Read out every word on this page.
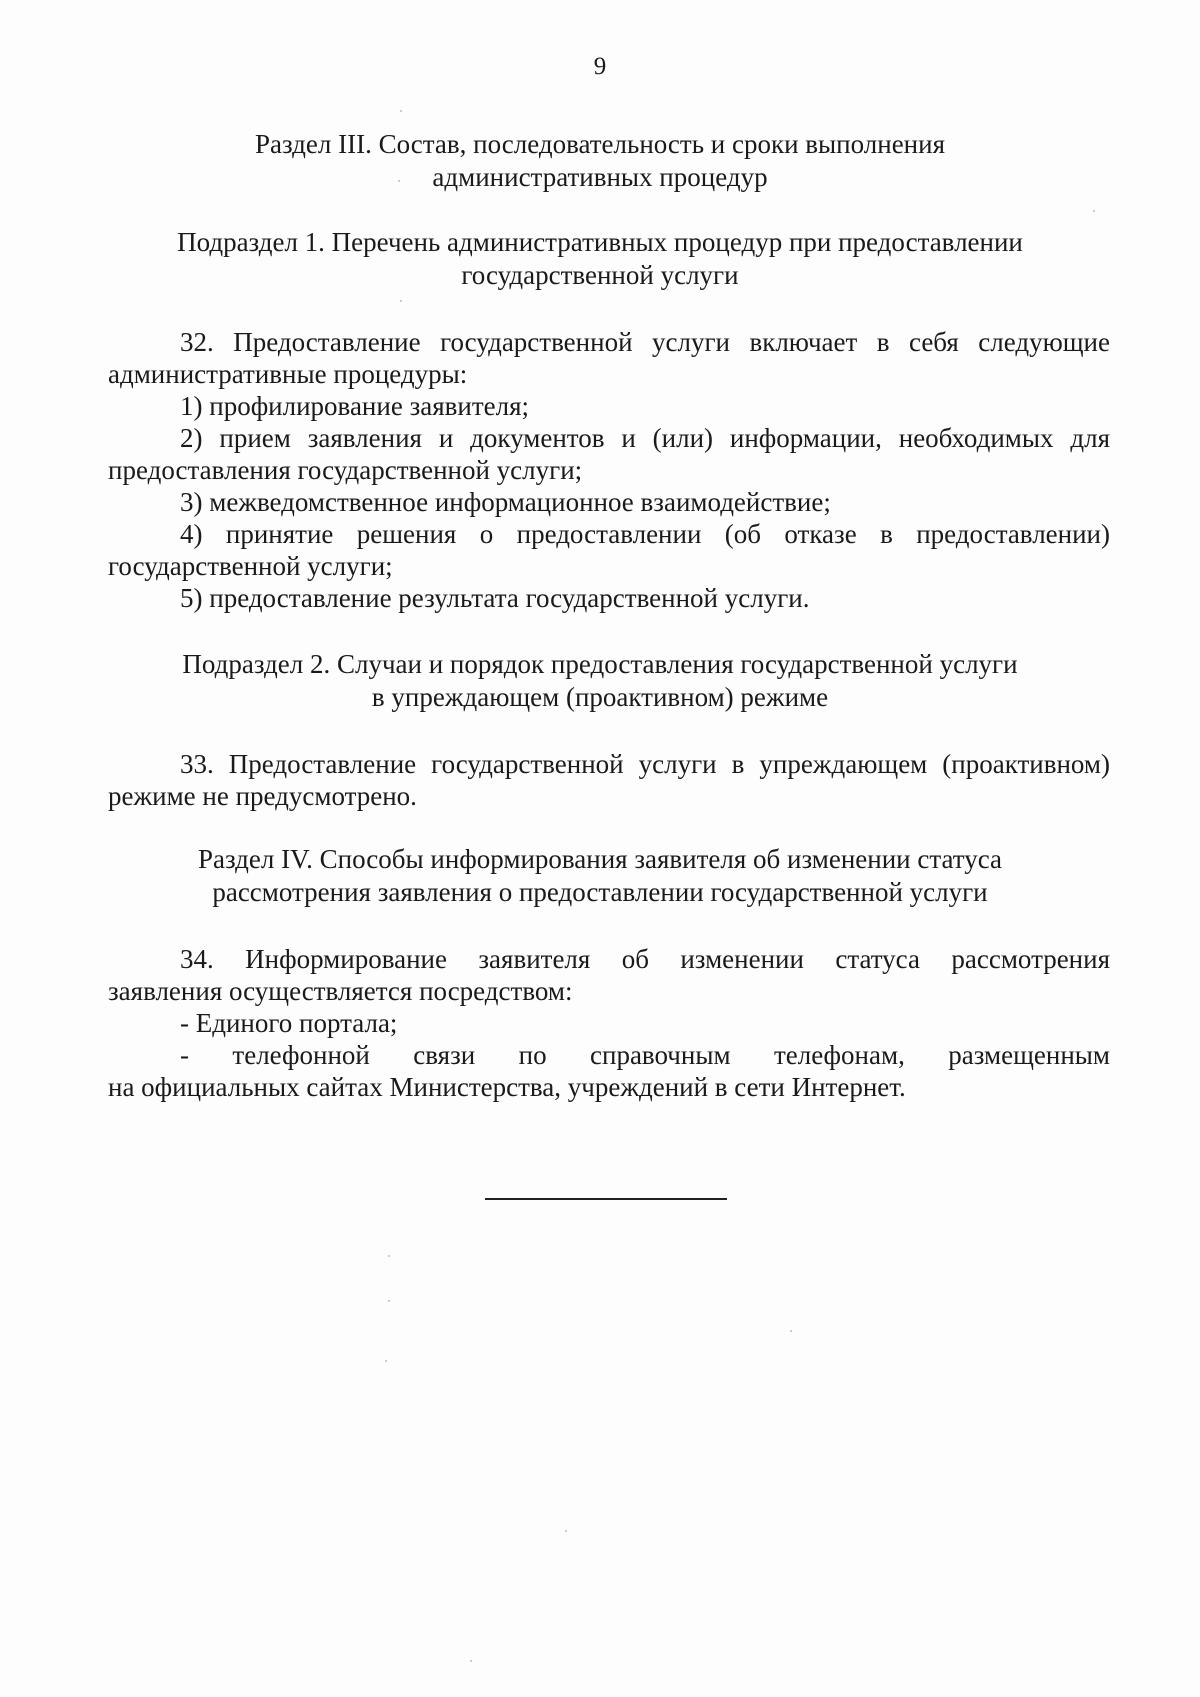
9
Раздел III. Состав, последовательность и сроки выполнения
административных процедур
Подраздел 1. Перечень административных процедур при предоставлении
государственной услуги
32. Предоставление государственной услуги включает в себя следующие
административные процедуры:
1) профилирование заявителя;
2) прием заявления и документов и (или) информации, необходимых для
предоставления государственной услуги;
3) межведомственное информационное взаимодействие;
4) принятие решения о предоставлении (об отказе в предоставлении)
государственной услуги;
5) предоставление результата государственной услуги.
Подраздел 2. Случаи и порядок предоставления государственной услуги
в упреждающем (проактивном) режиме
33. Предоставление государственной услуги в упреждающем (проактивном)
режиме не предусмотрено.
Раздел IV. Способы информирования заявителя об изменении статуса
рассмотрения заявления о предоставлении государственной услуги
34. Информирование заявителя об изменении статуса рассмотрения
заявления осуществляется посредством:
- Единого портала;
- телефонной связи по справочным телефонам, размещенным
на официальных сайтах Министерства, учреждений в сети Интернет.
